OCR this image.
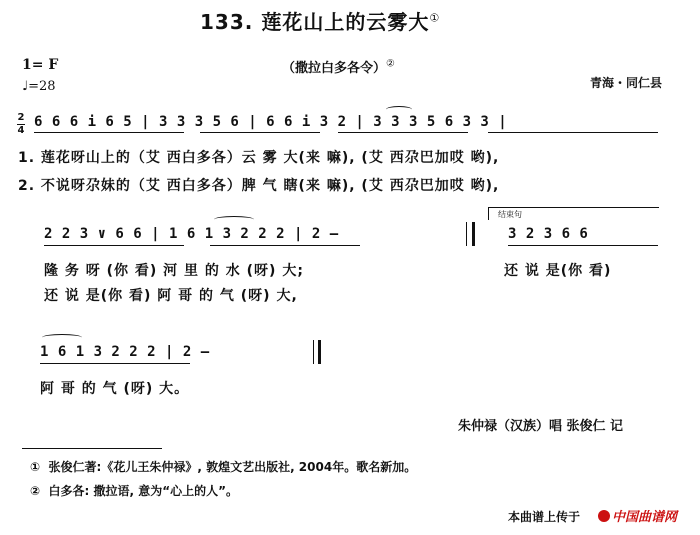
133. 莲花山上的云雾大①
1= F
♩=28
（撒拉白多各令）②
青海・同仁县
2
4
6 6 6 i 6 5 | 3 3 3 5 6 | 6 6 i 3 2 | 3 3 3 5 6 3 3 |
1. 莲花呀山上的（艾 西白多各）云 雾 大(来 嘛), (艾 西尕巴加哎 哟),
2. 不说呀尕妹的（艾 西白多各）脾 气 瞎(来 嘛), (艾 西尕巴加哎 哟),
2 2 3 ∨ 6 6 | 1 6 1 3 2 2 2 | 2 —
结束句
3 2 3 6 6
隆 务 呀 (你 看) 河 里 的 水 (呀) 大;	还 说 是(你 看)
还 说 是(你 看) 阿 哥 的 气 (呀) 大,
1 6 1 3 2 2 2 | 2 —
阿 哥 的 气 (呀) 大。
朱仲禄（汉族）唱 张俊仁 记
① 张俊仁著:《花儿王朱仲禄》, 敦煌文艺出版社, 2004年。歌名新加。
② 白多各: 撒拉语, 意为“心上的人”。
本曲谱上传于 中国曲谱网
